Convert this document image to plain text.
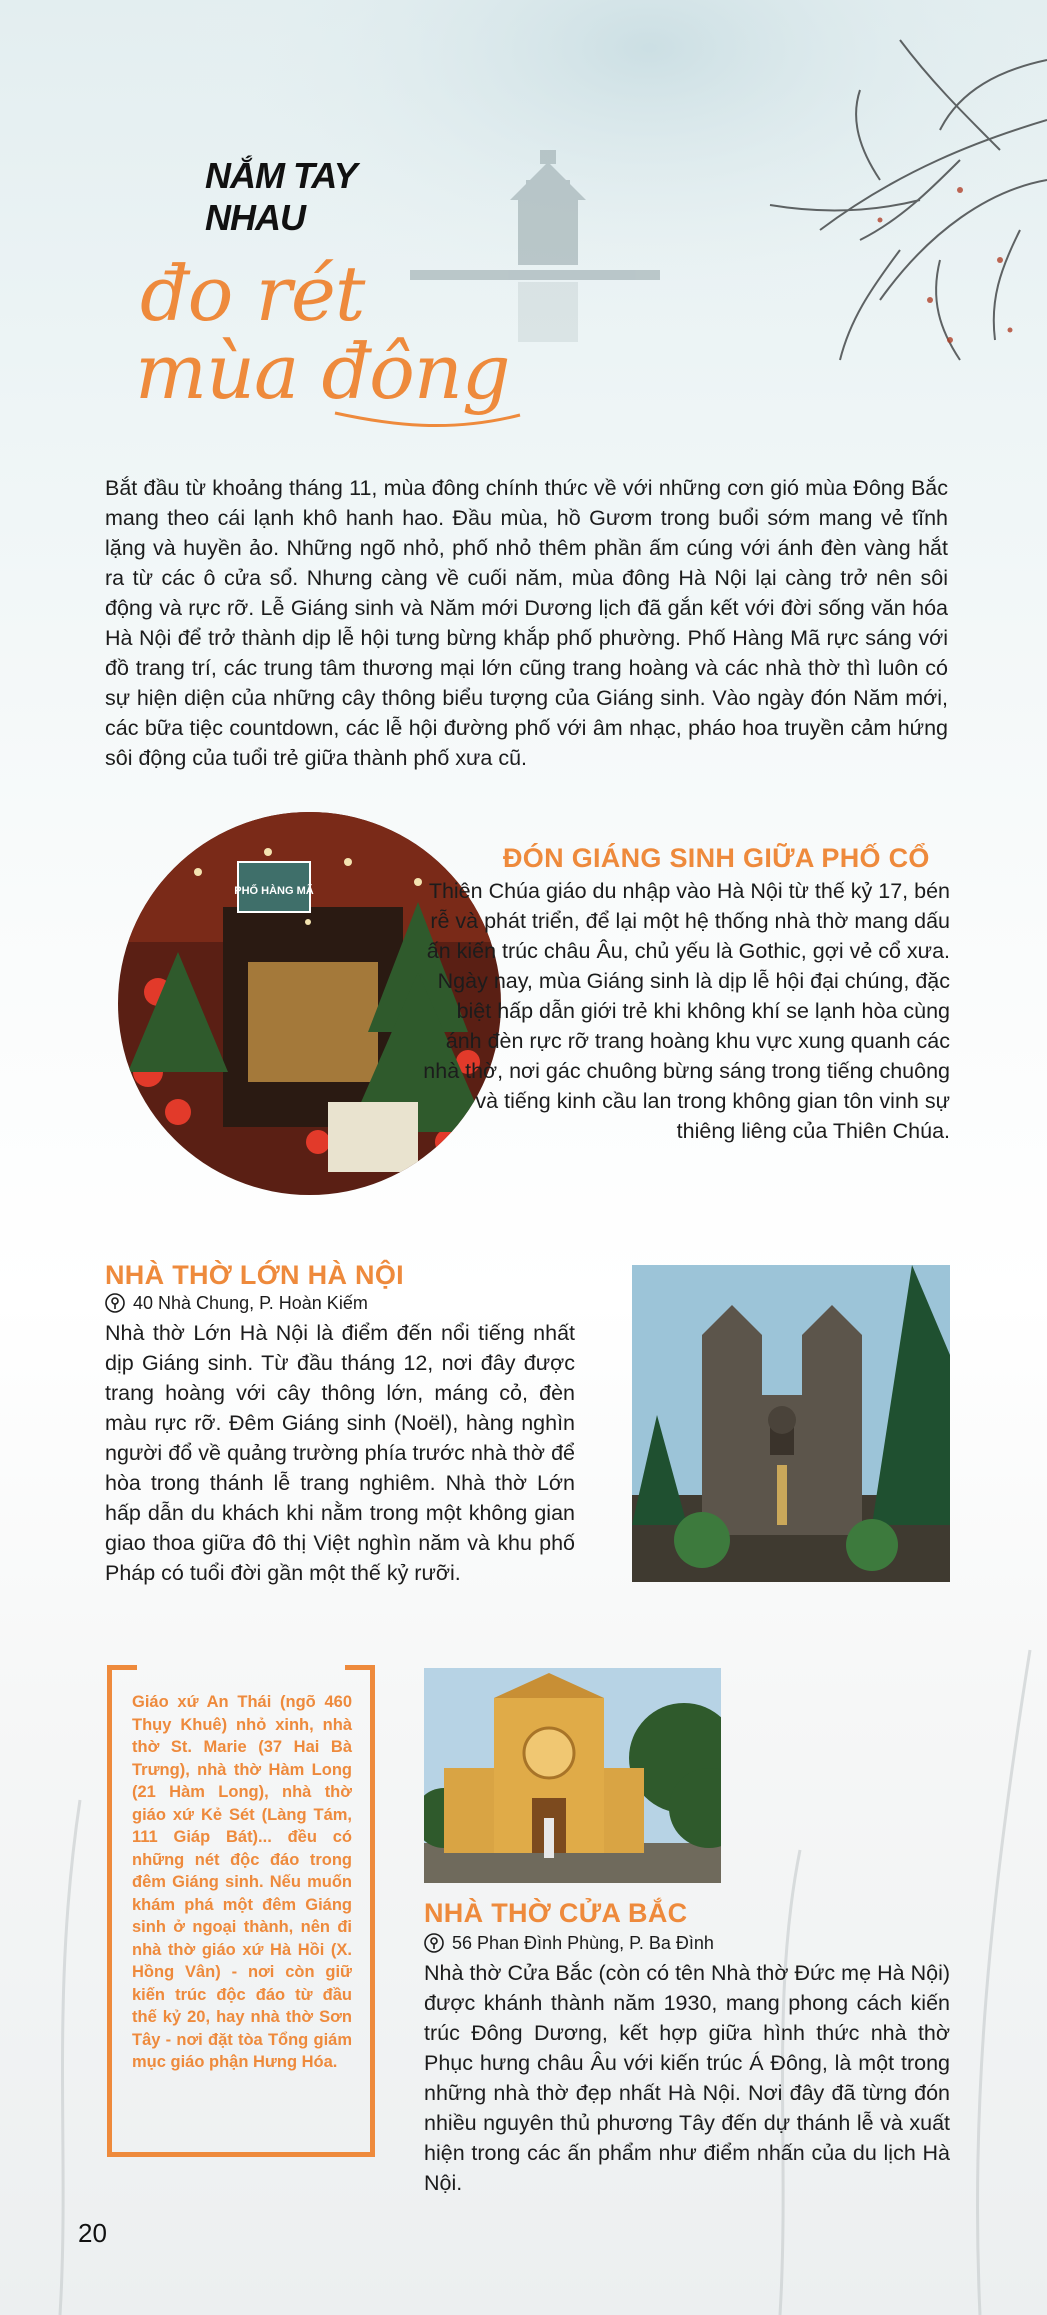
NẮM TAY
NHAU
đo rét
mùa đông
Bắt đầu từ khoảng tháng 11, mùa đông chính thức về với những cơn gió mùa Đông Bắc mang theo cái lạnh khô hanh hao. Đầu mùa, hồ Gươm trong buổi sớm mang vẻ tĩnh lặng và huyền ảo. Những ngõ nhỏ, phố nhỏ thêm phần ấm cúng với ánh đèn vàng hắt ra từ các ô cửa sổ. Nhưng càng về cuối năm, mùa đông Hà Nội lại càng trở nên sôi động và rực rỡ. Lễ Giáng sinh và Năm mới Dương lịch đã gắn kết với đời sống văn hóa Hà Nội để trở thành dịp lễ hội tưng bừng khắp phố phường. Phố Hàng Mã rực sáng với đồ trang trí, các trung tâm thương mại lớn cũng trang hoàng và các nhà thờ thì luôn có sự hiện diện của những cây thông biểu tượng của Giáng sinh. Vào ngày đón Năm mới, các bữa tiệc countdown, các lễ hội đường phố với âm nhạc, pháo hoa truyền cảm hứng sôi động của tuổi trẻ giữa thành phố xưa cũ.
PHỐ HÀNG MÃ
ĐÓN GIÁNG SINH GIỮA PHỐ CỔ
Thiên Chúa giáo du nhập vào Hà Nội từ thế kỷ 17, bén rễ và phát triển, để lại một hệ thống nhà thờ mang dấu ấn kiến trúc châu Âu, chủ yếu là Gothic, gợi vẻ cổ xưa. Ngày nay, mùa Giáng sinh là dịp lễ hội đại chúng, đặc biệt hấp dẫn giới trẻ khi không khí se lạnh hòa cùng ánh đèn rực rỡ trang hoàng khu vực xung quanh các nhà thờ, nơi gác chuông bừng sáng trong tiếng chuông và tiếng kinh cầu lan trong không gian tôn vinh sự thiêng liêng của Thiên Chúa.
NHÀ THỜ LỚN HÀ NỘI
40 Nhà Chung, P. Hoàn Kiếm
Nhà thờ Lớn Hà Nội là điểm đến nổi tiếng nhất dịp Giáng sinh. Từ đầu tháng 12, nơi đây được trang hoàng với cây thông lớn, máng cỏ, đèn màu rực rỡ. Đêm Giáng sinh (Noël), hàng nghìn người đổ về quảng trường phía trước nhà thờ để hòa trong thánh lễ trang nghiêm. Nhà thờ Lớn hấp dẫn du khách khi nằm trong một không gian giao thoa giữa đô thị Việt nghìn năm và khu phố Pháp có tuổi đời gần một thế kỷ rưỡi.
Giáo xứ An Thái (ngõ 460 Thụy Khuê) nhỏ xinh, nhà thờ St. Marie (37 Hai Bà Trưng), nhà thờ Hàm Long (21 Hàm Long), nhà thờ giáo xứ Kẻ Sét (Làng Tám, 111 Giáp Bát)... đều có những nét độc đáo trong đêm Giáng sinh. Nếu muốn khám phá một đêm Giáng sinh ở ngoại thành, nên đi nhà thờ giáo xứ Hà Hồi (X. Hồng Vân) - nơi còn giữ kiến trúc độc đáo từ đầu thế kỷ 20, hay nhà thờ Sơn Tây - nơi đặt tòa Tổng giám mục giáo phận Hưng Hóa.
NHÀ THỜ CỬA BẮC
56 Phan Đình Phùng, P. Ba Đình
Nhà thờ Cửa Bắc (còn có tên Nhà thờ Đức mẹ Hà Nội) được khánh thành năm 1930, mang phong cách kiến trúc Đông Dương, kết hợp giữa hình thức nhà thờ Phục hưng châu Âu với kiến trúc Á Đông, là một trong những nhà thờ đẹp nhất Hà Nội. Nơi đây đã từng đón nhiều nguyên thủ phương Tây đến dự thánh lễ và xuất hiện trong các ấn phẩm như điểm nhấn của du lịch Hà Nội.
20
